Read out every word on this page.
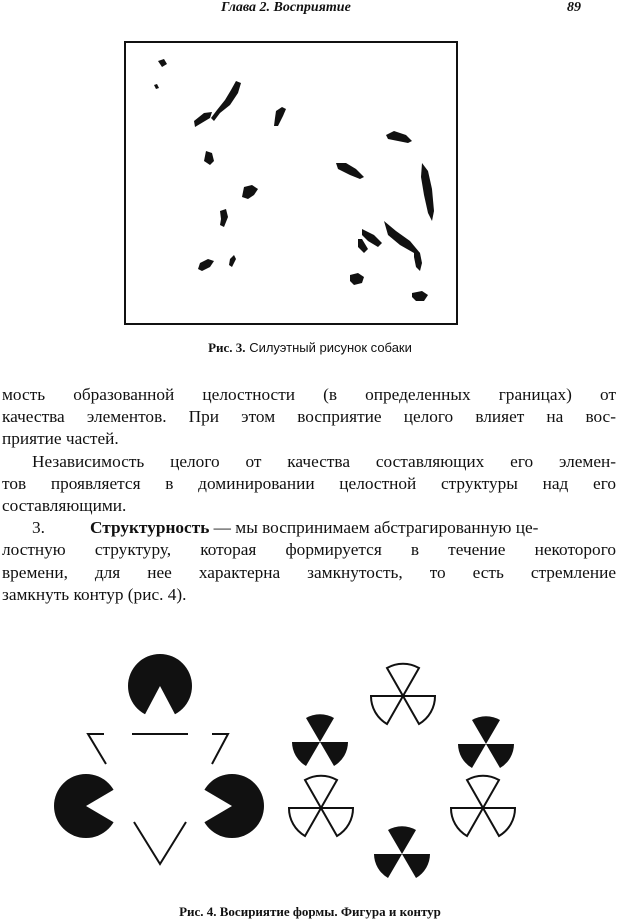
Глава 2. Восприятие	89
Рис. 3. Силуэтный рисунок собаки
мость образованной целостности (в определенных границах) от
качества элементов. При этом восприятие целого влияет на вос-
приятие частей.
Независимость целого от качества составляющих его элемен-
тов проявляется в доминировании целостной структуры над его
составляющими.
3.	Структурность — мы воспринимаем абстрагированную це-
лостную структуру, которая формируется в течение некоторого
времени, для нее характерна замкнутость, то есть стремление
замкнуть контур (рис. 4).
Рис. 4. Восириятие формы. Фигура и контур
